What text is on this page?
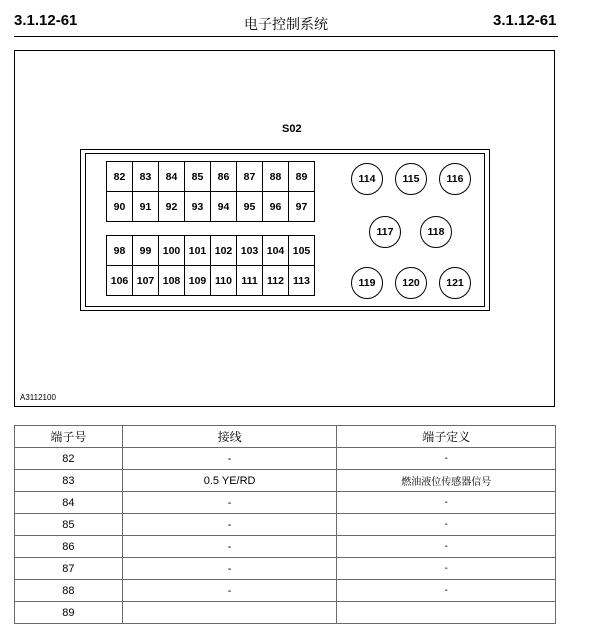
3.1.12-61	电子控制系统	3.1.12-61
S02
82	83	84	85	86	87	88	89
90	91	92	93	94	95	96	97
98	99	100 101 102 103 104 105
106 107 108 109 110 111 112 113
114	115	116
117	118
119	120	121
A3112100
端子号	接线	端子定义
82	-	-
83	0.5 YE/RD	燃油液位传感器信号
84	-	-
85	-	-
86	-	-
87	-	-
88	-	-
89		
